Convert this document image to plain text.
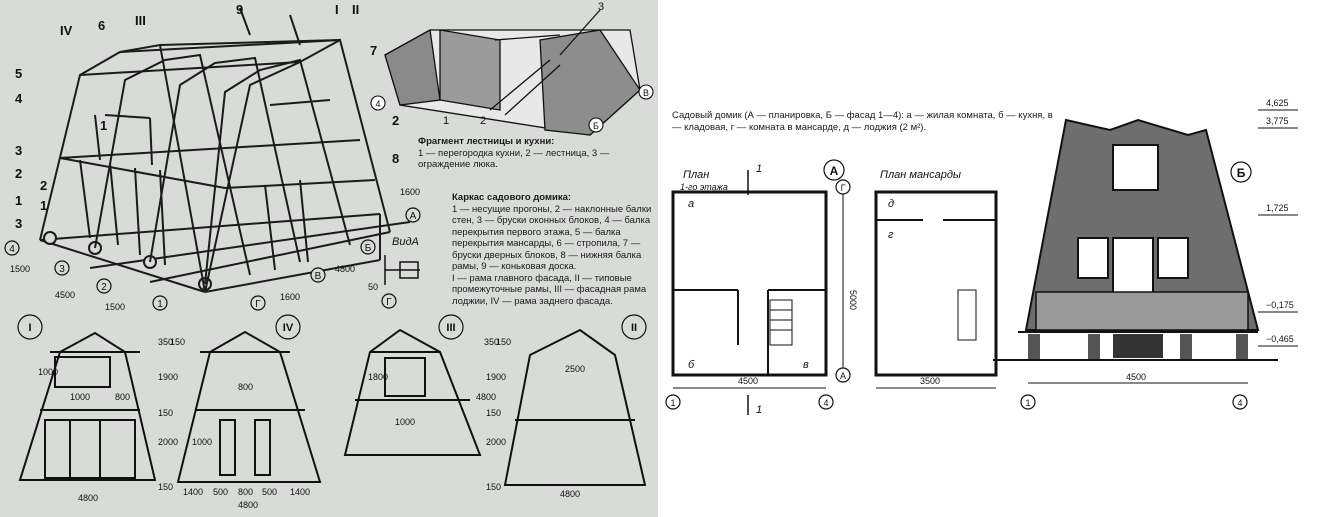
IV 6 III
9	I II
5
4
7
1
3
2
8
2
1
3
2
1
4
3
2
1
А
Б
В
Г	Г
1500
4500
1500
1600
4800
1600
50
ВидА
3
1	2
4
Б
В
I	IV	III	II
350
150
1000	1900
1000	800
150
2000
150
4800
800
1000
1400 500 800 500 1400
4800
1800
1000
350
150
4800
1900
150
2000
150
2500
4800
Фрагмент лестницы и кухни:
1 — перегородка кухни, 2 — лестница, 3 — ограждение люка.
Каркас садового домика:
1 — несущие прогоны, 2 — наклонные балки стен, 3 — бруски оконных блоков, 4 — балка перекрытия первого этажа, 5 — балка перекрытия мансарды, 6 — стропила, 7 — бруски дверных блоков, 8 — нижняя балка рамы, 9 — коньковая доска.
I — рама главного фасада, II — типовые промежуточные рамы, III — фасадная рама лоджии, IV — рама заднего фасада.
Садовый домик (А — планировка, Б — фасад 1—4): а — жилая комната, б — кухня, в — кладовая, г — комната в мансарде, д — лоджия (2 м²).
План
1-го этажа
а
б	в
1
1
4500
5000
1	4
Г
А
А	План мансарды
д
г
3500
Б
1	4
4,625
3,775
1,725
−0,175
−0,465
4500
